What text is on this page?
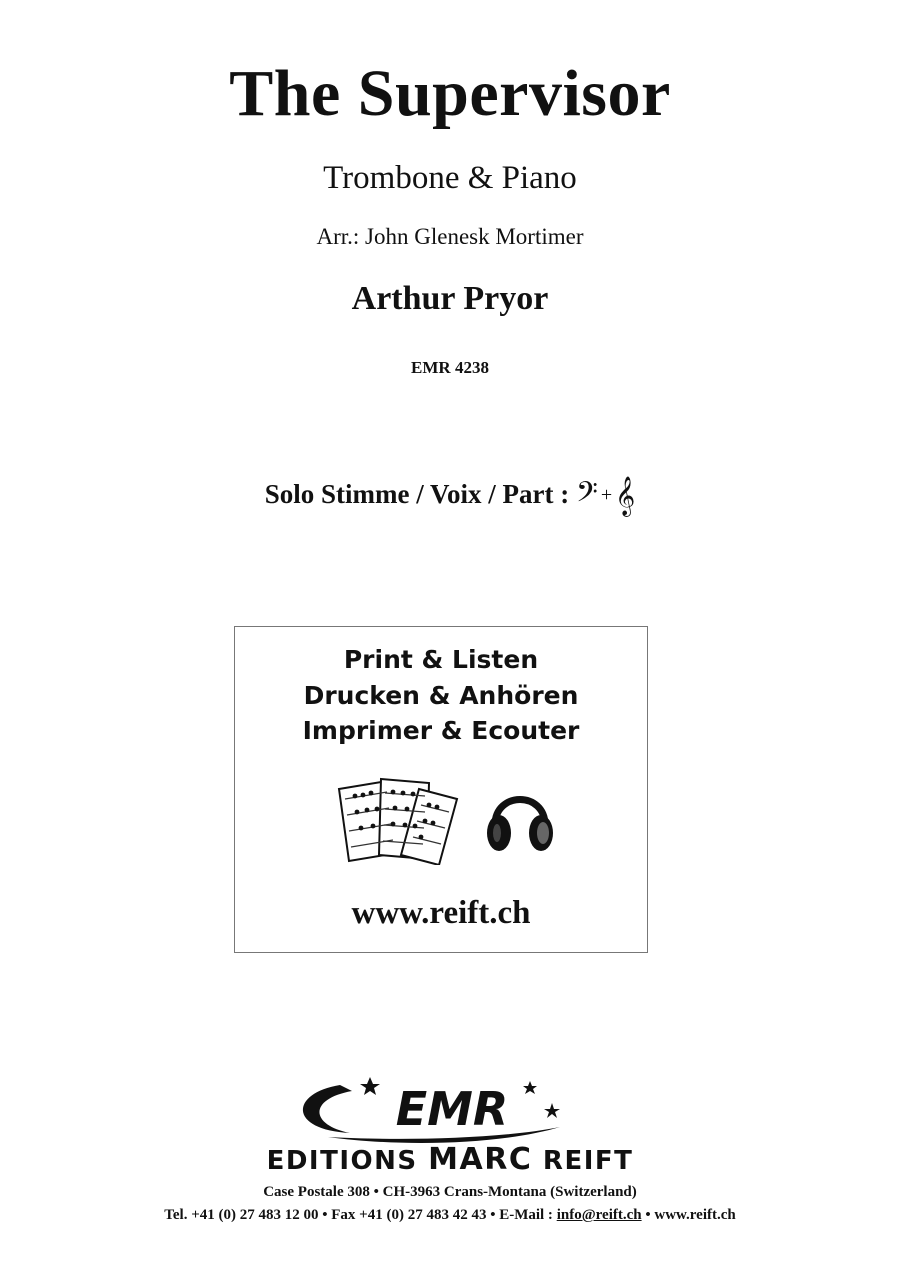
The Supervisor
Trombone & Piano
Arr.: John Glenesk Mortimer
Arthur Pryor
EMR 4238
Solo Stimme / Voix / Part : 𝄢 +𝄞
Print & Listen
Drucken & Anhören
Imprimer & Ecouter
www.reift.ch
EMR
EDITIONS MARC REIFT
Case Postale 308 • CH-3963 Crans-Montana (Switzerland)
Tel. +41 (0) 27 483 12 00 • Fax +41 (0) 27 483 42 43 • E-Mail : info@reift.ch • www.reift.ch
